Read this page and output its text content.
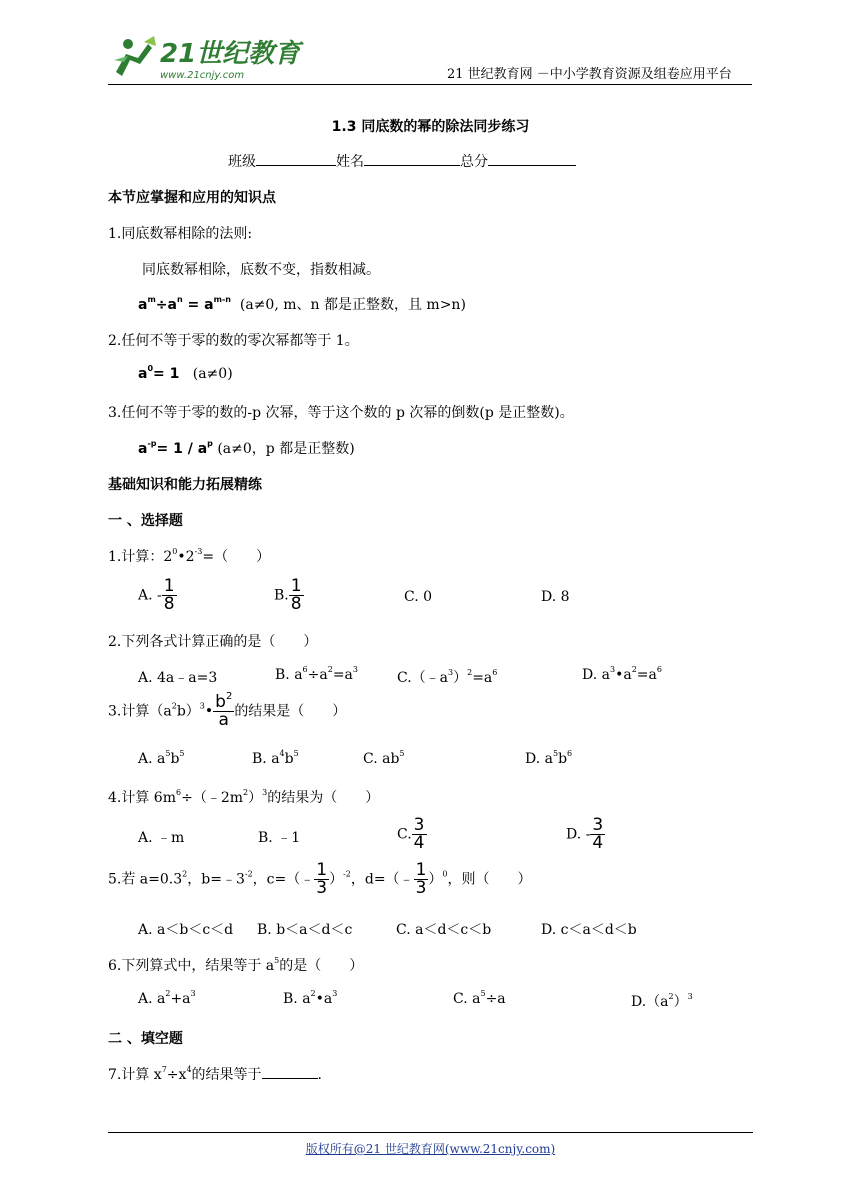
21世纪教育
www.21cnjy.com	21 世纪教育网 －中小学教育资源及组卷应用平台
1.3 同底数的幂的除法同步练习
班级	姓名	总分
本节应掌握和应用的知识点
1.同底数幂相除的法则:
同底数幂相除，底数不变，指数相减。
$a^m\div a^n = a^{m-n}$ (a≠0, m、n 都是正整数，且 m>n)
2.任何不等于零的数的零次幂都等于 1。
$a^0= 1$ (a≠0)
3.任何不等于零的数的-p 次幂，等于这个数的 p 次幂的倒数(p 是正整数)。
$a^{-p}= 1 / a^p$ (a≠0，p 都是正整数)
基础知识和能力拓展精练
一 、选择题
1.计算：$2^0•2^{-3}=$（　　）
A. - $\frac{1}{8}$	B. $\frac{1}{8}$	C. 0	D. 8
2.下列各式计算正确的是（　　）
A. 4a﹣a=3	B. $a^6\div a^2=a^3$
$C.(﹣a^3)^2=a^6$	D. $a^3•a^2=a^6$
3.计算$(a^2b)^3• \frac{b^2}{a}$ 的结果是（　　）
A. $a^5b^5$	B. $a^4b^5$	C. $ab^5$	D. $a^5b^6$
4.计算 $6m^6\div(﹣2m^2)^3$的结果为（　　）
A. ﹣m	B. ﹣1	C. $\frac{3}{4}$	D. - $\frac{3}{4}$
5.若 $a=0.3^2$，$b=﹣3^{-2}$，c=（﹣ $\frac{1}{3} )^{-2}$，d=（﹣ $\frac{1}{3} )^0$，则（　　）
A. a＜b＜c＜d B. b＜a＜d＜c	C. a＜d＜c＜b	D. c＜a＜d＜b
6.下列算式中，结果等于 $a^5$的是（　　）
A. $a^2+a^3$	B. $a^2•a^3$	C. $a^5\div a$	$D.(a^2)^3$
二 、填空题
7.计算 $x^7\div x^4$的结果等于	.
版权所有@21 世纪教育网(www.21cnjy.com)
